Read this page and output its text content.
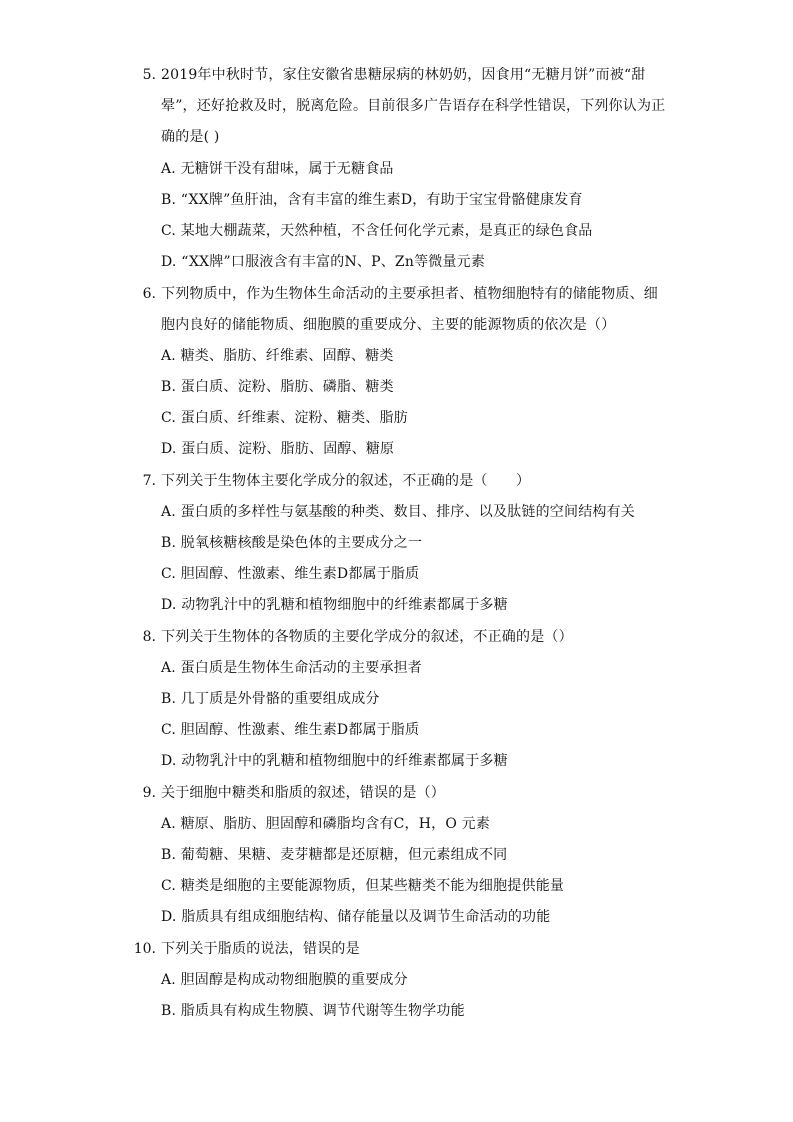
5. 2019年中秋时节，家住安徽省患糖尿病的林奶奶，因食用“无糖月饼”而被“甜晕”，还好抢救及时，脱离危险。目前很多广告语存在科学性错误，下列你认为正确的是( )
A. 无糖饼干没有甜味，属于无糖食品
B. “XX牌”鱼肝油，含有丰富的维生素D，有助于宝宝骨骼健康发育
C. 某地大棚蔬菜，天然种植，不含任何化学元素，是真正的绿色食品
D. “XX牌”口服液含有丰富的N、P、Zn等微量元素
6. 下列物质中，作为生物体生命活动的主要承担者、植物细胞特有的储能物质、细胞内良好的储能物质、细胞膜的重要成分、主要的能源物质的依次是（）
A. 糖类、脂肪、纤维素、固醇、糖类
B. 蛋白质、淀粉、脂肪、磷脂、糖类
C. 蛋白质、纤维素、淀粉、糖类、脂肪
D. 蛋白质、淀粉、脂肪、固醇、糖原
7. 下列关于生物体主要化学成分的叙述，不正确的是（　　）
A. 蛋白质的多样性与氨基酸的种类、数目、排序、以及肽链的空间结构有关
B. 脱氧核糖核酸是染色体的主要成分之一
C. 胆固醇、性激素、维生素D都属于脂质
D. 动物乳汁中的乳糖和植物细胞中的纤维素都属于多糖
8. 下列关于生物体的各物质的主要化学成分的叙述，不正确的是（）
A. 蛋白质是生物体生命活动的主要承担者
B. 几丁质是外骨骼的重要组成成分
C. 胆固醇、性激素、维生素D都属于脂质
D. 动物乳汁中的乳糖和植物细胞中的纤维素都属于多糖
9. 关于细胞中糖类和脂质的叙述，错误的是（）
A. 糖原、脂肪、胆固醇和磷脂均含有C，H，O 元素
B. 葡萄糖、果糖、麦芽糖都是还原糖，但元素组成不同
C. 糖类是细胞的主要能源物质，但某些糖类不能为细胞提供能量
D. 脂质具有组成细胞结构、储存能量以及调节生命活动的功能
10. 下列关于脂质的说法，错误的是
A. 胆固醇是构成动物细胞膜的重要成分
B. 脂质具有构成生物膜、调节代谢等生物学功能
